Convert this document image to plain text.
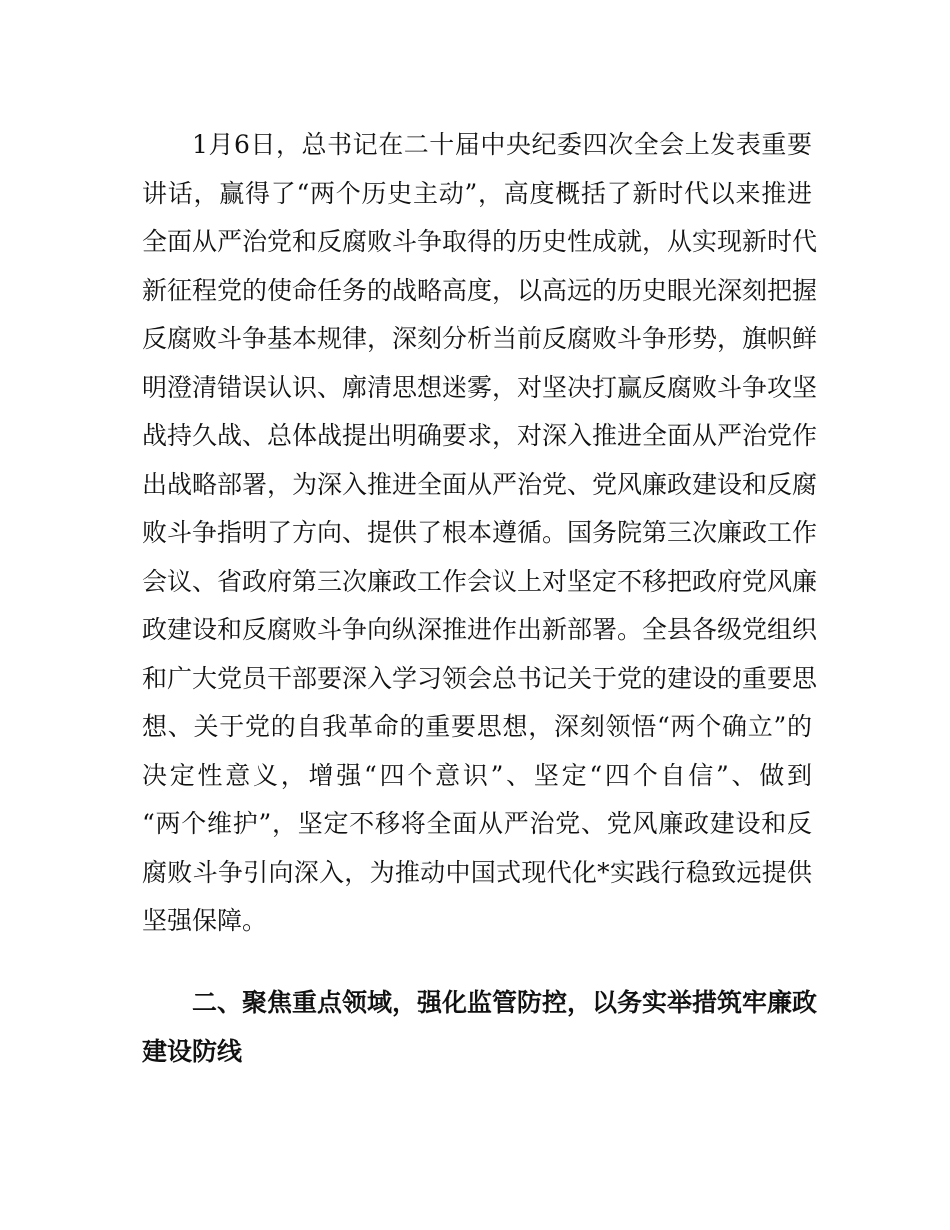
1月6日，总书记在二十届中央纪委四次全会上发表重要
讲话，赢得了“两个历史主动”，高度概括了新时代以来推进
全面从严治党和反腐败斗争取得的历史性成就，从实现新时代
新征程党的使命任务的战略高度，以高远的历史眼光深刻把握
反腐败斗争基本规律，深刻分析当前反腐败斗争形势，旗帜鲜
明澄清错误认识、廓清思想迷雾，对坚决打赢反腐败斗争攻坚
战持久战、总体战提出明确要求，对深入推进全面从严治党作
出战略部署，为深入推进全面从严治党、党风廉政建设和反腐
败斗争指明了方向、提供了根本遵循。国务院第三次廉政工作
会议、省政府第三次廉政工作会议上对坚定不移把政府党风廉
政建设和反腐败斗争向纵深推进作出新部署。全县各级党组织
和广大党员干部要深入学习领会总书记关于党的建设的重要思
想、关于党的自我革命的重要思想，深刻领悟“两个确立”的
决定性意义，增强“四个意识”、坚定“四个自信”、做到
“两个维护”，坚定不移将全面从严治党、党风廉政建设和反
腐败斗争引向深入，为推动中国式现代化*实践行稳致远提供
坚强保障。
二、聚焦重点领域，强化监管防控，以务实举措筑牢廉政
建设防线
